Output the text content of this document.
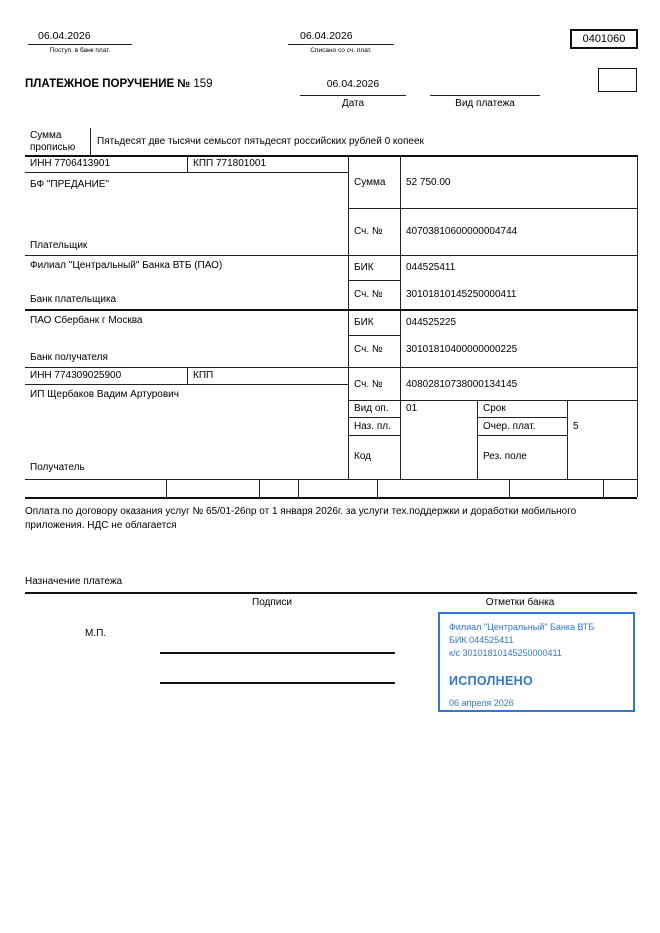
06.04.2026
Поступ. в банк плат.
06.04.2026
Списано со сч. плат.
0401060
ПЛАТЕЖНОЕ ПОРУЧЕНИЕ № 159	06.04.2026
Дата	Вид платежа
Сумма
прописью
Пятьдесят две тысячи семьсот пятьдесят российских рублей 0 копеек
ИНН 7706413901	КПП 771801001
БФ "ПРЕДАНИЕ"
Плательщик
Сумма 52 750.00
Сч. № 40703810600000004744
Филиал "Центральный" Банка ВТБ (ПАО)	БИК	044525411
Сч. № 30101810145250000411
Банк плательщика
ПАО Сбербанк г Москва	БИК	044525225
Сч. № 30101810400000000225
Банк получателя
ИНН 774309025900	КПП
ИП Щербаков Вадим Артурович
Сч. № 40802810738000134145
Получатель
Вид оп. 01	Срок
Наз. пл.	Очер. плат.	5
Код	Рез. поле
Оплата по договору оказания услуг № 65/01-26пр от 1 января 2026г. за услуги тех.поддержки и доработки мобильного приложения. НДС не облагается
Назначение платежа
Подписи	Отметки банка
М.П.
Филиал "Центральный" Банка ВТБ
БИК 044525411
к/с 30101810145250000411
ИСПОЛНЕНО
06 апреля 2026
